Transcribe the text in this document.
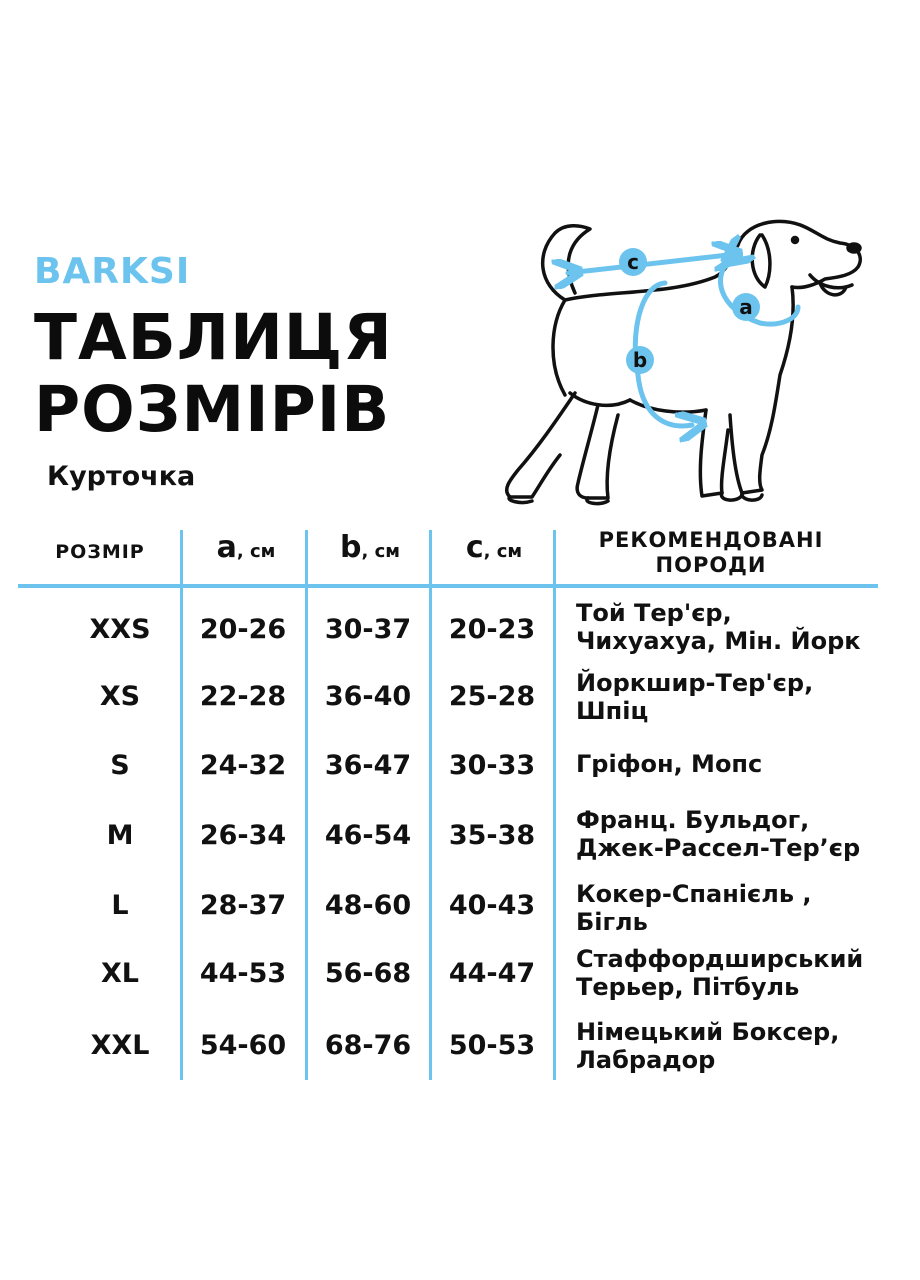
BARKSI
ТАБЛИЦЯ
РОЗМІРІВ
Курточка
c
b
a
РОЗМІР	a, см	b, см	c, см	РЕКОМЕНДОВАНІ
ПОРОДИ
XXS	20-26	30-37	20-23
Той Тер'єр,
Чихуахуа, Мін. Йорк
XS	22-28	36-40	25-28	Йоркшир-Тер'єр,
Шпіц
S	24-32	36-47	30-33	Гріфон, Мопс
M	26-34	46-54	35-38	Франц. Бульдог,
Джек-Рассел-Тер’єр
L	28-37	48-60	40-43	Кокер-Спанієль ,
Бігль
XL	44-53	56-68	44-47	Стаффордширський
Терьер, Пітбуль
XXL	54-60	68-76	50-53	Німецький Боксер,
Лабрадор
